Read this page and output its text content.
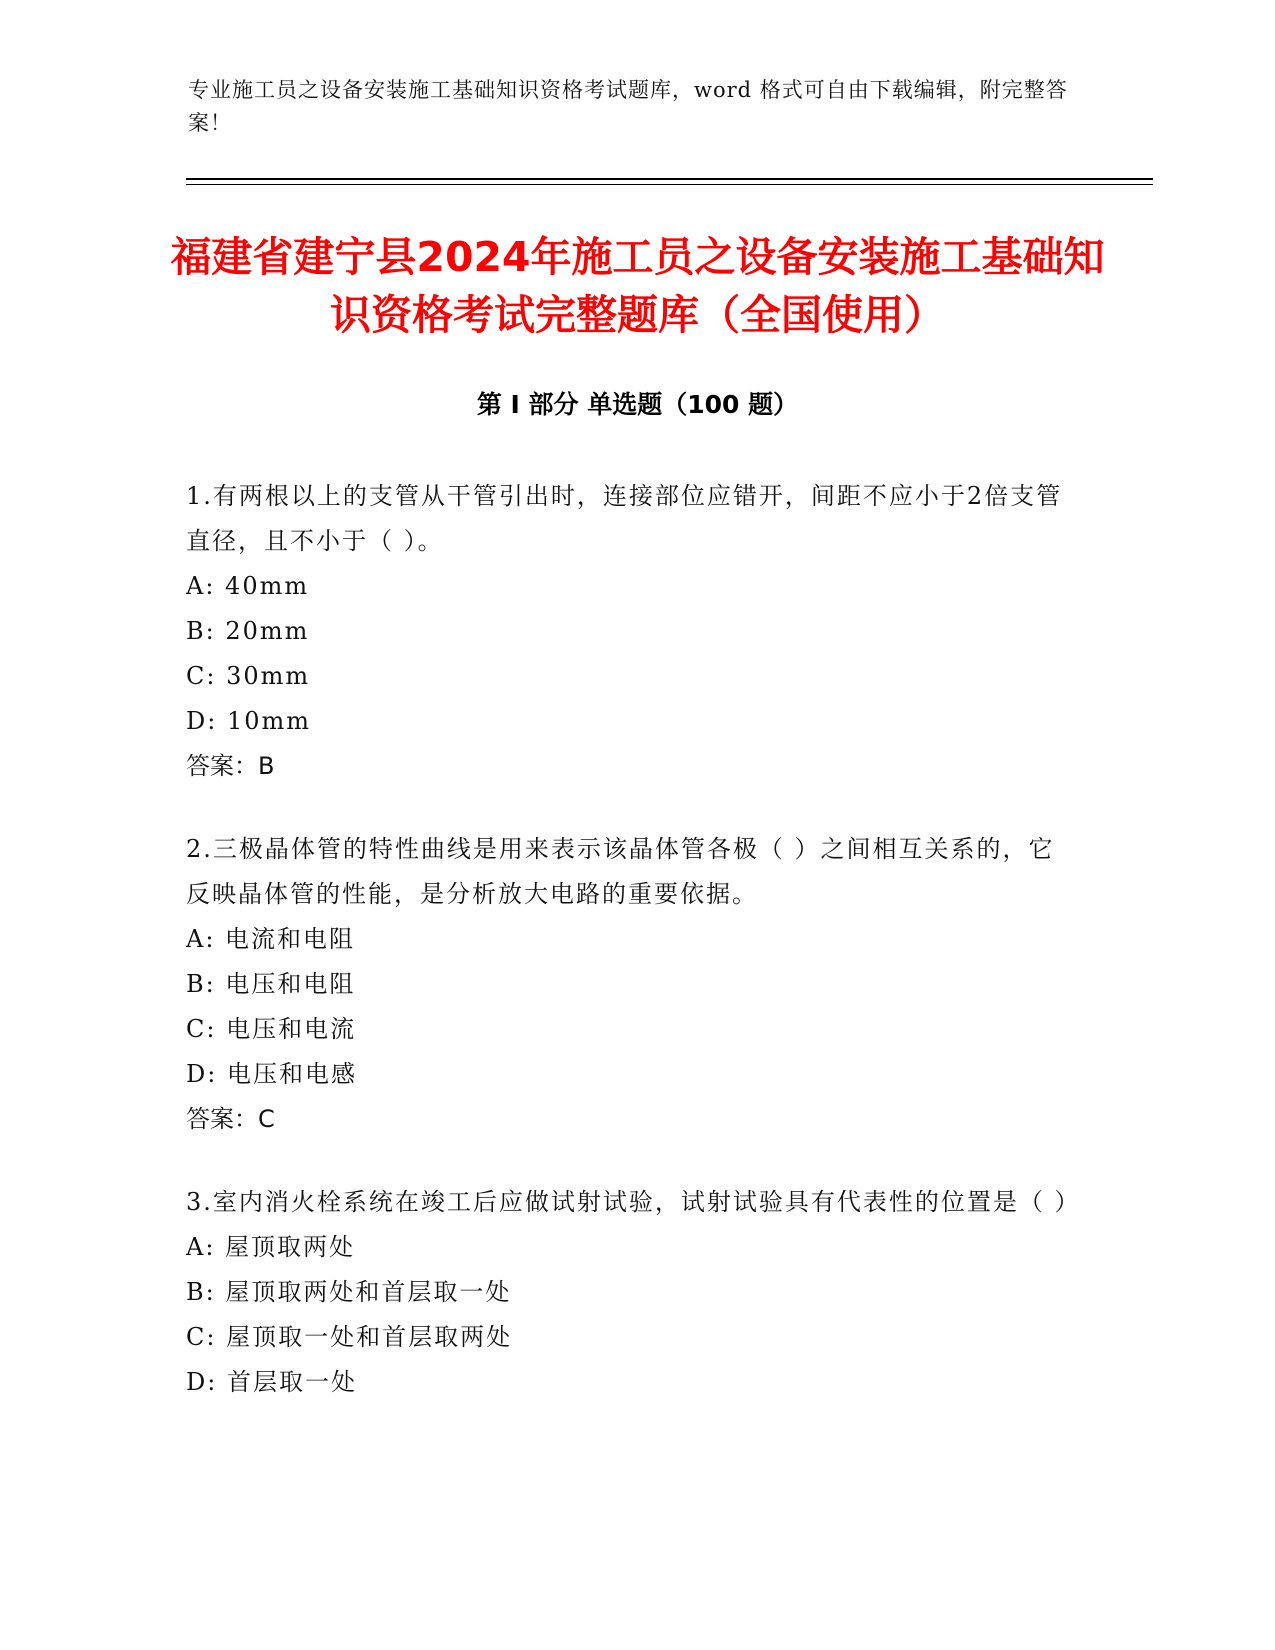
专业施工员之设备安装施工基础知识资格考试题库，word 格式可自由下载编辑，附完整答案！
福建省建宁县2024年施工员之设备安装施工基础知识资格考试完整题库（全国使用）
第 I 部分 单选题（100 题）

1.有两根以上的支管从干管引出时，连接部位应错开，间距不应小于2倍支管直径，且不小于（ ）。

A: 40mm

B: 20mm

C: 30mm

D: 10mm

答案：B

2.三极晶体管的特性曲线是用来表示该晶体管各极（ ）之间相互关系的，它反映晶体管的性能，是分析放大电路的重要依据。

A: 电流和电阻

B: 电压和电阻

C: 电压和电流

D: 电压和电感

答案：C

3.室内消火栓系统在竣工后应做试射试验，试射试验具有代表性的位置是（ ）

A: 屋顶取两处

B: 屋顶取两处和首层取一处

C: 屋顶取一处和首层取两处

D: 首层取一处
